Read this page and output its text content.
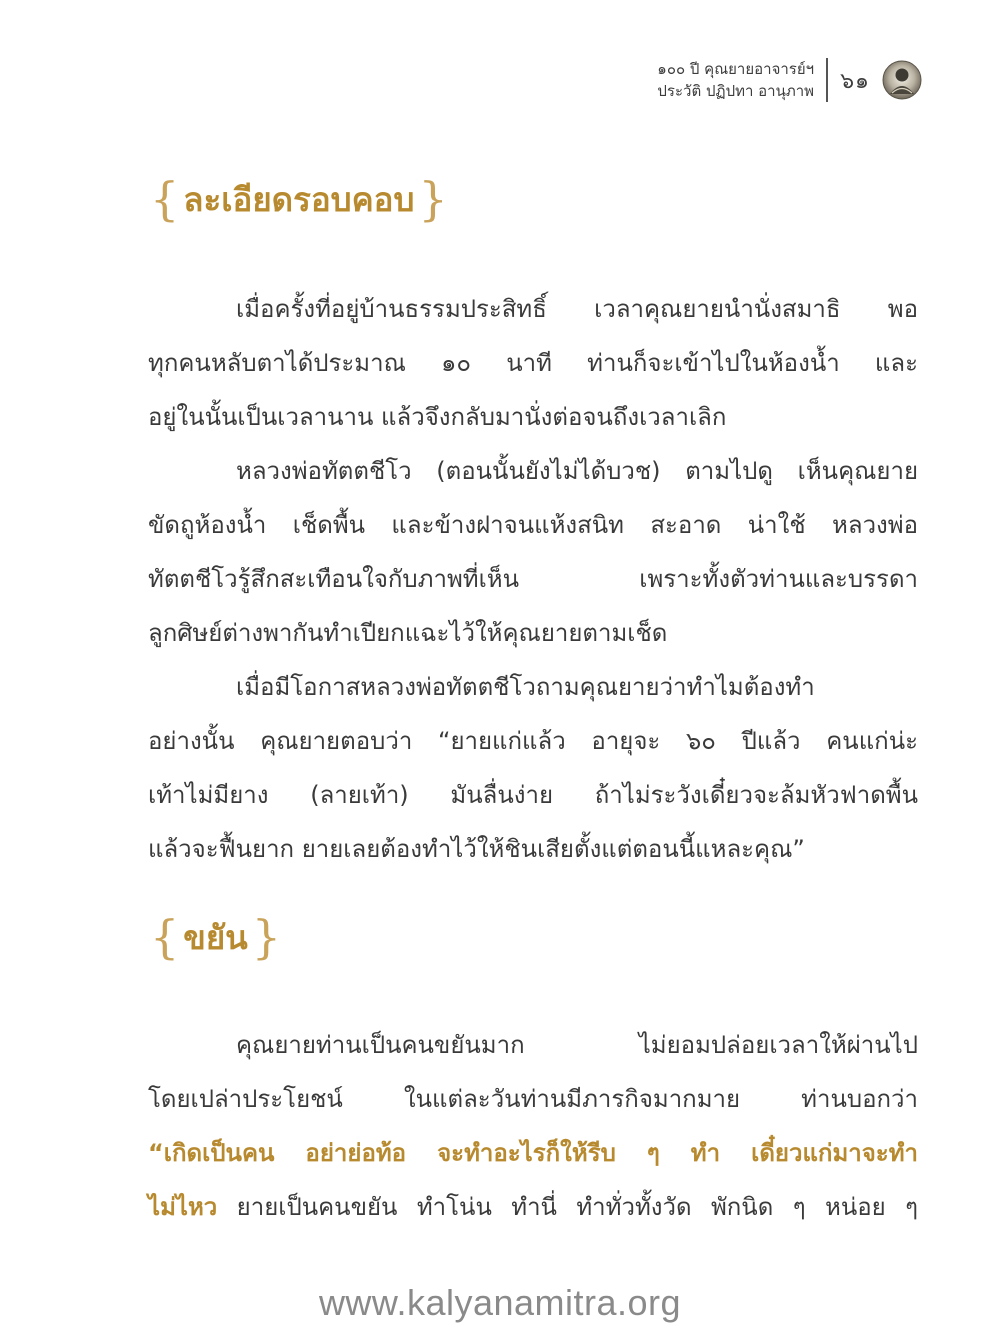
๑๐๐ ปี คุณยายอาจารย์ฯ
ประวัติ ปฏิปทา อานุภาพ ๖๑
{ ละเอียดรอบคอบ }
เมื่อครั้งที่อยู่บ้านธรรมประสิทธิ์ เวลาคุณยายนำนั่งสมาธิ พอ
ทุกคนหลับตาได้ประมาณ ๑๐ นาที ท่านก็จะเข้าไปในห้องน้ำ และ
อยู่ในนั้นเป็นเวลานาน แล้วจึงกลับมานั่งต่อจนถึงเวลาเลิก
หลวงพ่อทัตตชีโว (ตอนนั้นยังไม่ได้บวช) ตามไปดู เห็นคุณยาย
ขัดถูห้องน้ำ เช็ดพื้น และข้างฝาจนแห้งสนิท สะอาด น่าใช้ หลวงพ่อ
ทัตตชีโวรู้สึกสะเทือนใจกับภาพที่เห็น เพราะทั้งตัวท่านและบรรดา
ลูกศิษย์ต่างพากันทำเปียกแฉะไว้ให้คุณยายตามเช็ด
เมื่อมีโอกาสหลวงพ่อทัตตชีโวถามคุณยายว่าทำไมต้องทำ
อย่างนั้น คุณยายตอบว่า “ยายแก่แล้ว อายุจะ ๖๐ ปีแล้ว คนแก่น่ะ
เท้าไม่มียาง (ลายเท้า) มันลื่นง่าย ถ้าไม่ระวังเดี๋ยวจะล้มหัวฟาดพื้น
แล้วจะฟื้นยาก ยายเลยต้องทำไว้ให้ชินเสียตั้งแต่ตอนนี้แหละคุณ”
{ ขยัน }
คุณยายท่านเป็นคนขยันมาก ไม่ยอมปล่อยเวลาให้ผ่านไป
โดยเปล่าประโยชน์ ในแต่ละวันท่านมีภารกิจมากมาย ท่านบอกว่า
“เกิดเป็นคน อย่าย่อท้อ จะทำอะไรก็ให้รีบ ๆ ทำ เดี๋ยวแก่มาจะทำ
ไม่ไหว ยายเป็นคนขยัน ทำโน่น ทำนี่ ทำทั่วทั้งวัด พักนิด ๆ หน่อย ๆ
www.kalyanamitra.org
